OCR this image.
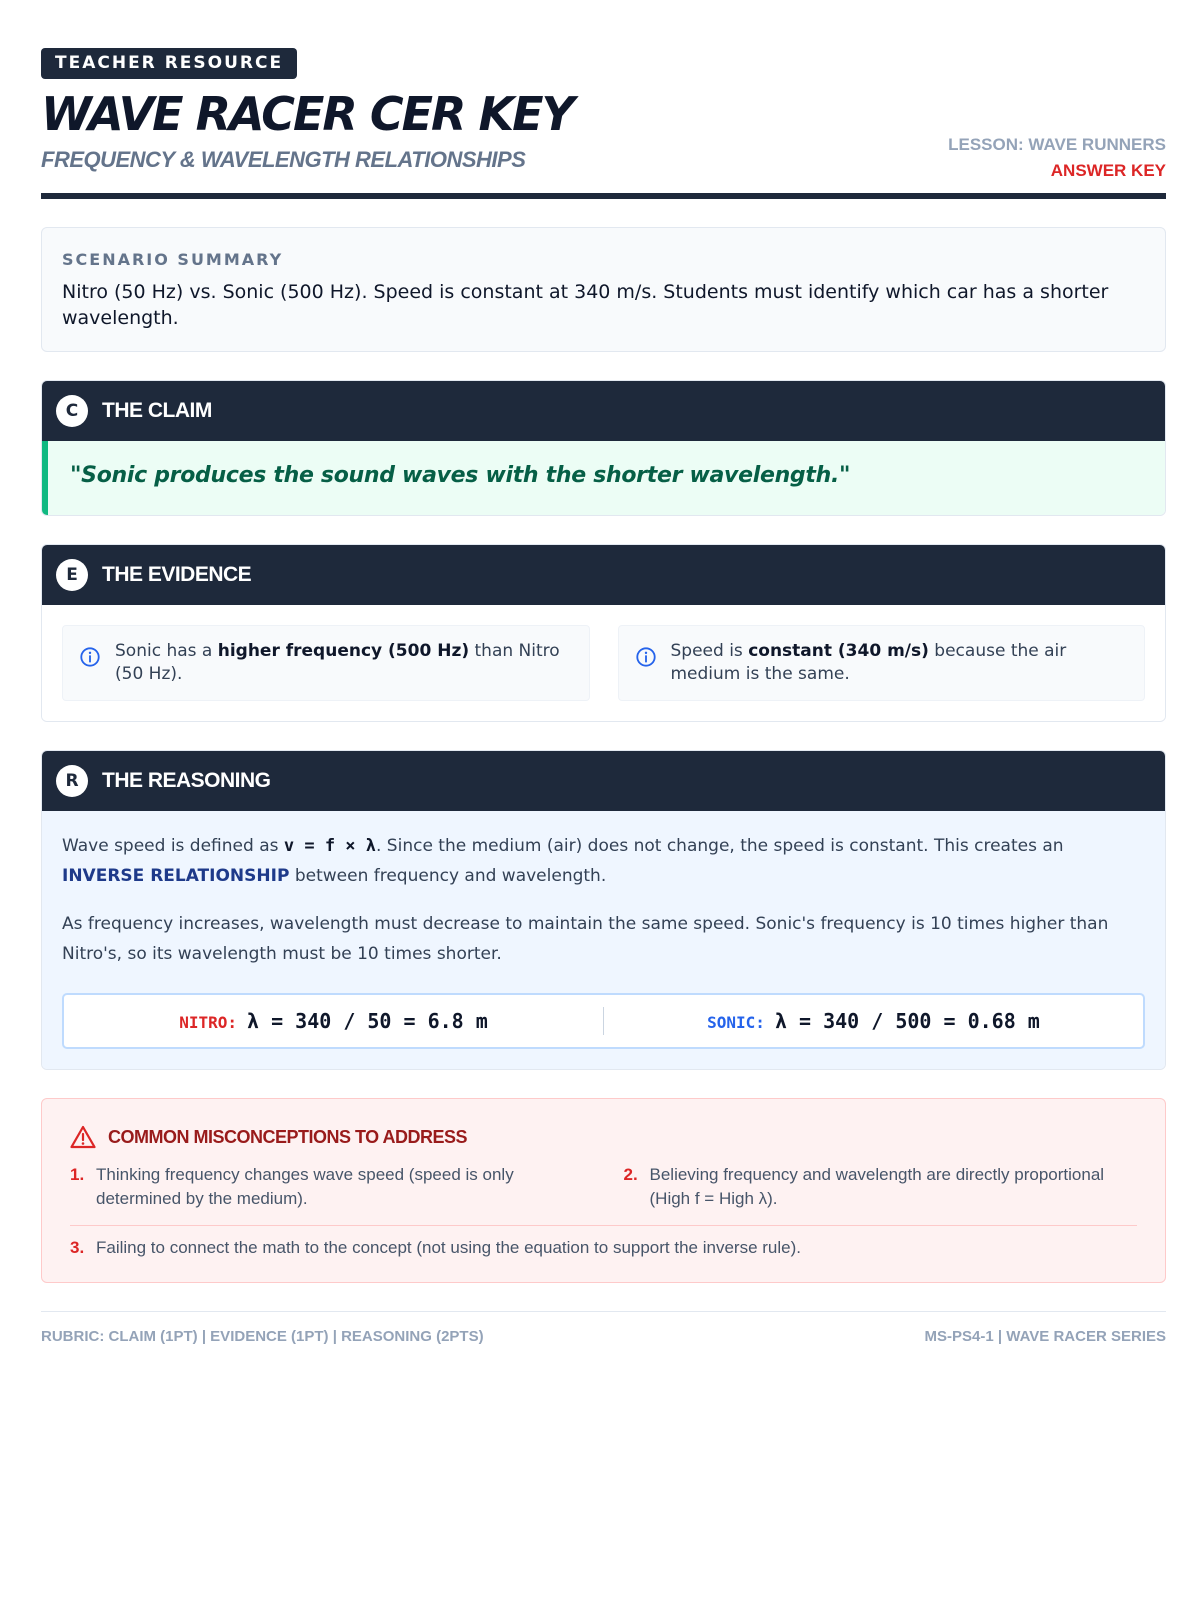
TEACHER RESOURCE
WAVE RACER CER KEY
FREQUENCY & WAVELENGTH RELATIONSHIPS
LESSON: WAVE RUNNERS
ANSWER KEY
SCENARIO SUMMARY
Nitro (50 Hz) vs. Sonic (500 Hz). Speed is constant at 340 m/s. Students must identify which car has a shorter wavelength.
C	THE CLAIM
"Sonic produces the sound waves with the shorter wavelength."
E	THE EVIDENCE
Sonic has a higher frequency (500 Hz) than Nitro (50 Hz).
Speed is constant (340 m/s) because the air medium is the same.
R	THE REASONING

Wave speed is defined as v = f × λ. Since the medium (air) does not change, the speed is constant. This creates an INVERSE RELATIONSHIP between frequency and wavelength.

As frequency increases, wavelength must decrease to maintain the same speed. Sonic's frequency is 10 times higher than Nitro's, so its wavelength must be 10 times shorter.

NITRO: λ = 340 / 50 = 6.8 m	SONIC: λ = 340 / 500 = 0.68 m
COMMON MISCONCEPTIONS TO ADDRESS
1. Thinking frequency changes wave speed (speed is only determined by the medium).
2. Believing frequency and wavelength are directly proportional (High f = High λ).
3. Failing to connect the math to the concept (not using the equation to support the inverse rule).
RUBRIC: CLAIM (1PT) | EVIDENCE (1PT) | REASONING (2PTS)	MS-PS4-1 | WAVE RACER SERIES
